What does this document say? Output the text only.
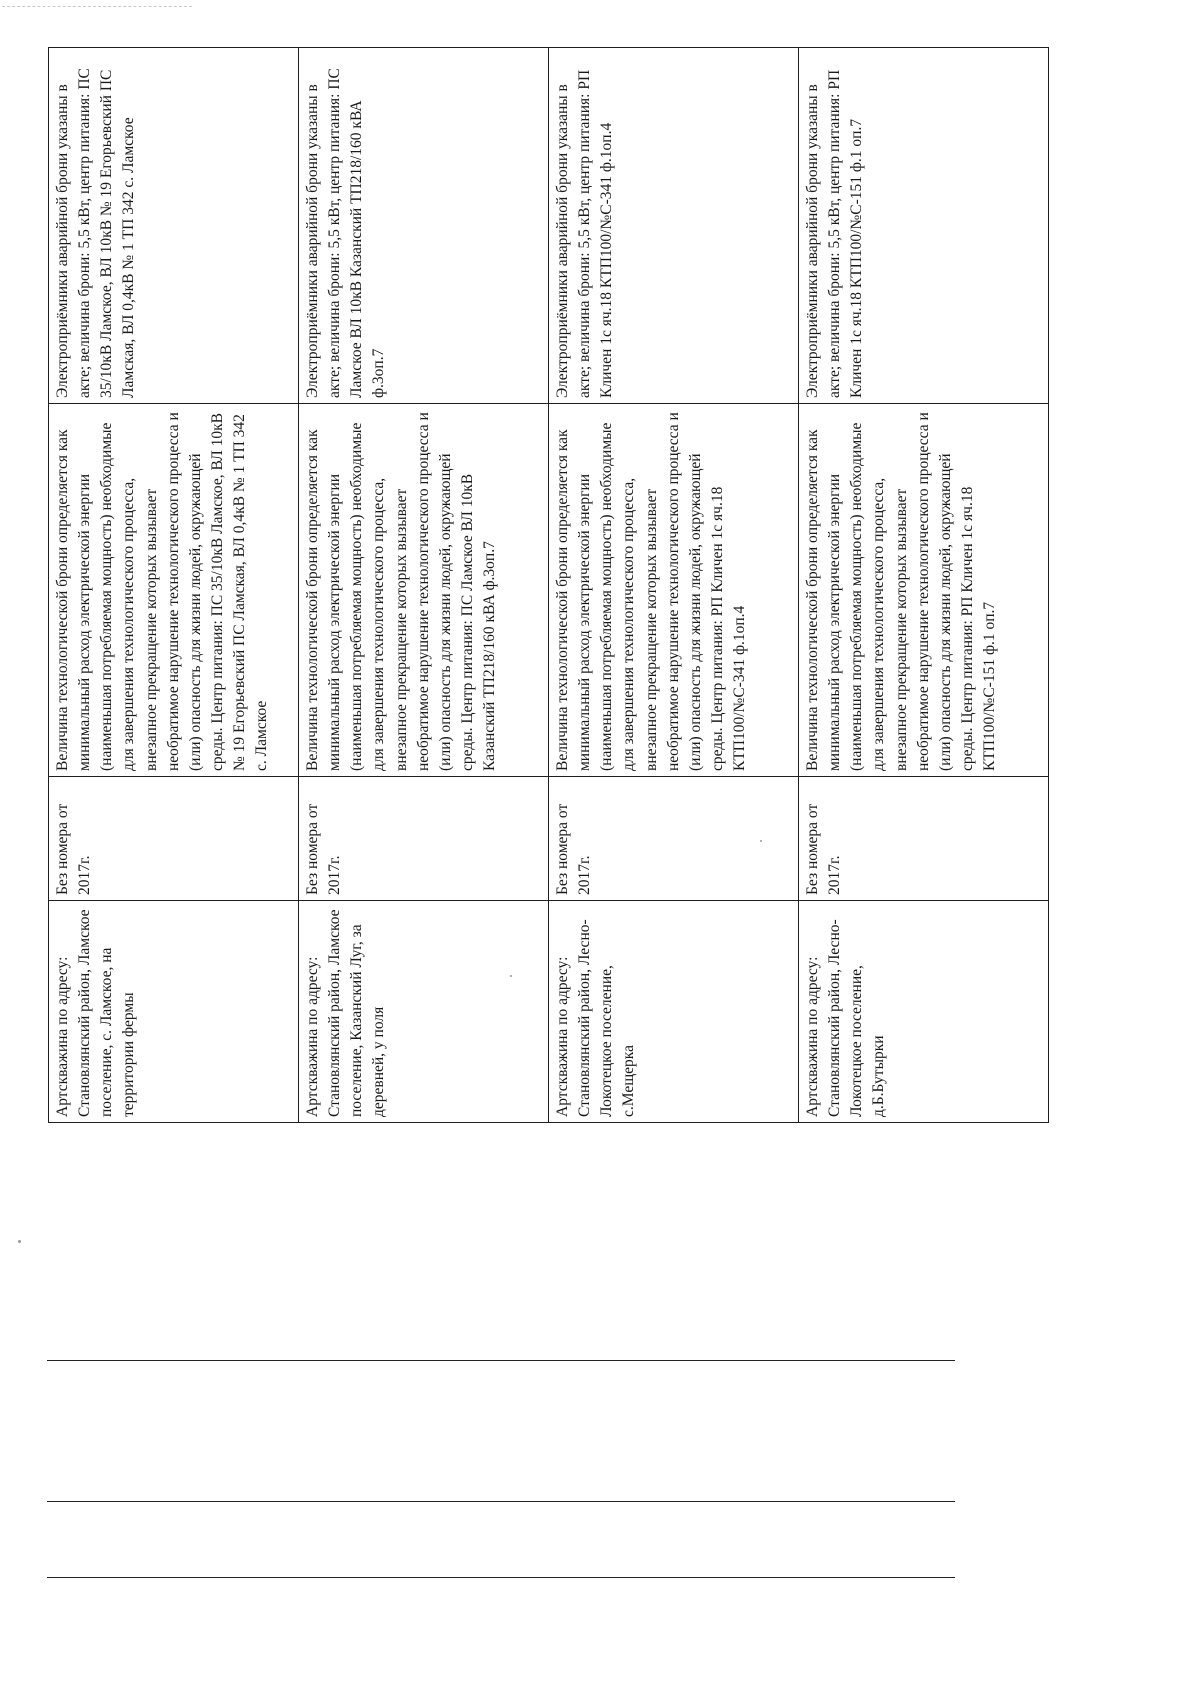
Артскважина по адресу: Становлянский район, Ламское поселение, с. Ламское, на территории фермы	Без номера от 2017г.	Величина технологической брони определяется как минимальный расход электрической энергии (наименьшая потребляемая мощность) необходимые для завершения технологического процесса, внезапное прекращение которых вызывает необратимое нарушение технологического процесса и (или) опасность для жизни людей, окружающей среды. Центр питания: ПС 35/10кВ Ламское, ВЛ 10кВ № 19 Егорьевский ПС Ламская, ВЛ 0,4кВ № 1 ТП 342 с. Ламское	Электроприёмники аварийной брони указаны в акте; величина брони: 5,5 кВт, центр питания: ПС 35/10кВ Ламское, ВЛ 10кВ № 19 Егорьевский ПС Ламская, ВЛ 0,4кВ № 1 ТП 342 с. Ламское
Артскважина по адресу: Становлянский район, Ламское поселение, Казанский Луг, за деревней, у поля	Без номера от 2017г.	Величина технологической брони определяется как минимальный расход электрической энергии (наименьшая потребляемая мощность) необходимые для завершения технологического процесса, внезапное прекращение которых вызывает необратимое нарушение технологического процесса и (или) опасность для жизни людей, окружающей среды. Центр питания: ПС Ламское ВЛ 10кВ Казанский ТП218/160 кВА ф.3оп.7	Электроприёмники аварийной брони указаны в акте; величина брони: 5,5 кВт, центр питания: ПС Ламское ВЛ 10кВ Казанский ТП218/160 кВА ф.3оп.7
Артскважина по адресу: Становлянский район, Лесно-Локотецкое поселение, с.Мещерка	Без номера от 2017г.	Величина технологической брони определяется как минимальный расход электрической энергии (наименьшая потребляемая мощность) необходимые для завершения технологического процесса, внезапное прекращение которых вызывает необратимое нарушение технологического процесса и (или) опасность для жизни людей, окружающей среды. Центр питания: РП Кличен 1с яч.18 КТП100/№С-341 ф.1оп.4	Электроприёмники аварийной брони указаны в акте; величина брони: 5,5 кВт, центр питания: РП Кличен 1с яч.18 КТП100/№С-341 ф.1оп.4
Артскважина по адресу: Становлянский район, Лесно-Локотецкое поселение, д.Б.Бутырки	Без номера от 2017г.	Величина технологической брони определяется как минимальный расход электрической энергии (наименьшая потребляемая мощность) необходимые для завершения технологического процесса, внезапное прекращение которых вызывает необратимое нарушение технологического процесса и (или) опасность для жизни людей, окружающей среды. Центр питания: РП Кличен 1с яч.18 КТП100/№С-151 ф.1 оп.7	Электроприёмники аварийной брони указаны в акте; величина брони: 5,5 кВт, центр питания: РП Кличен 1с яч.18 КТП100/№С-151 ф.1 оп.7
